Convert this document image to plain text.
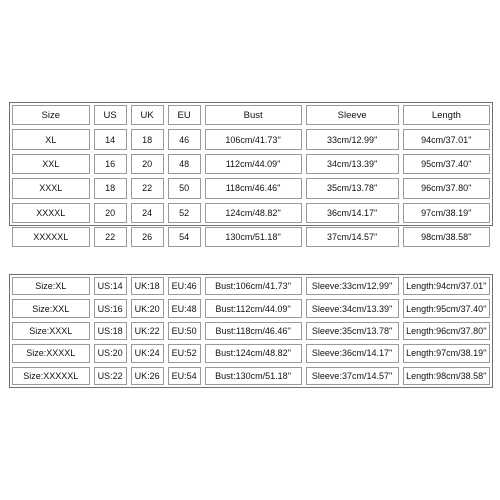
Size	US	UK	EU	Bust	Sleeve	Length
XL	14	18	46	106cm/41.73''	33cm/12.99''	94cm/37.01''
XXL	16	20	48	112cm/44.09''	34cm/13.39''	95cm/37.40''
XXXL	18	22	50	118cm/46.46''	35cm/13.78''	96cm/37.80''
XXXXL	20	24	52	124cm/48.82''	36cm/14.17''	97cm/38.19''
XXXXXL	22	26	54	130cm/51.18''	37cm/14.57''	98cm/38.58''
Size:XL	US:14	UK:18	EU:46	Bust:106cm/41.73''	Sleeve:33cm/12.99''	Length:94cm/37.01''
Size:XXL	US:16	UK:20	EU:48	Bust:112cm/44.09''	Sleeve:34cm/13.39''	Length:95cm/37.40''
Size:XXXL	US:18	UK:22	EU:50	Bust:118cm/46.46''	Sleeve:35cm/13.78''	Length:96cm/37.80''
Size:XXXXL	US:20	UK:24	EU:52	Bust:124cm/48.82''	Sleeve:36cm/14.17''	Length:97cm/38.19''
Size:XXXXXL	US:22	UK:26	EU:54	Bust:130cm/51.18''	Sleeve:37cm/14.57''	Length:98cm/38.58''
